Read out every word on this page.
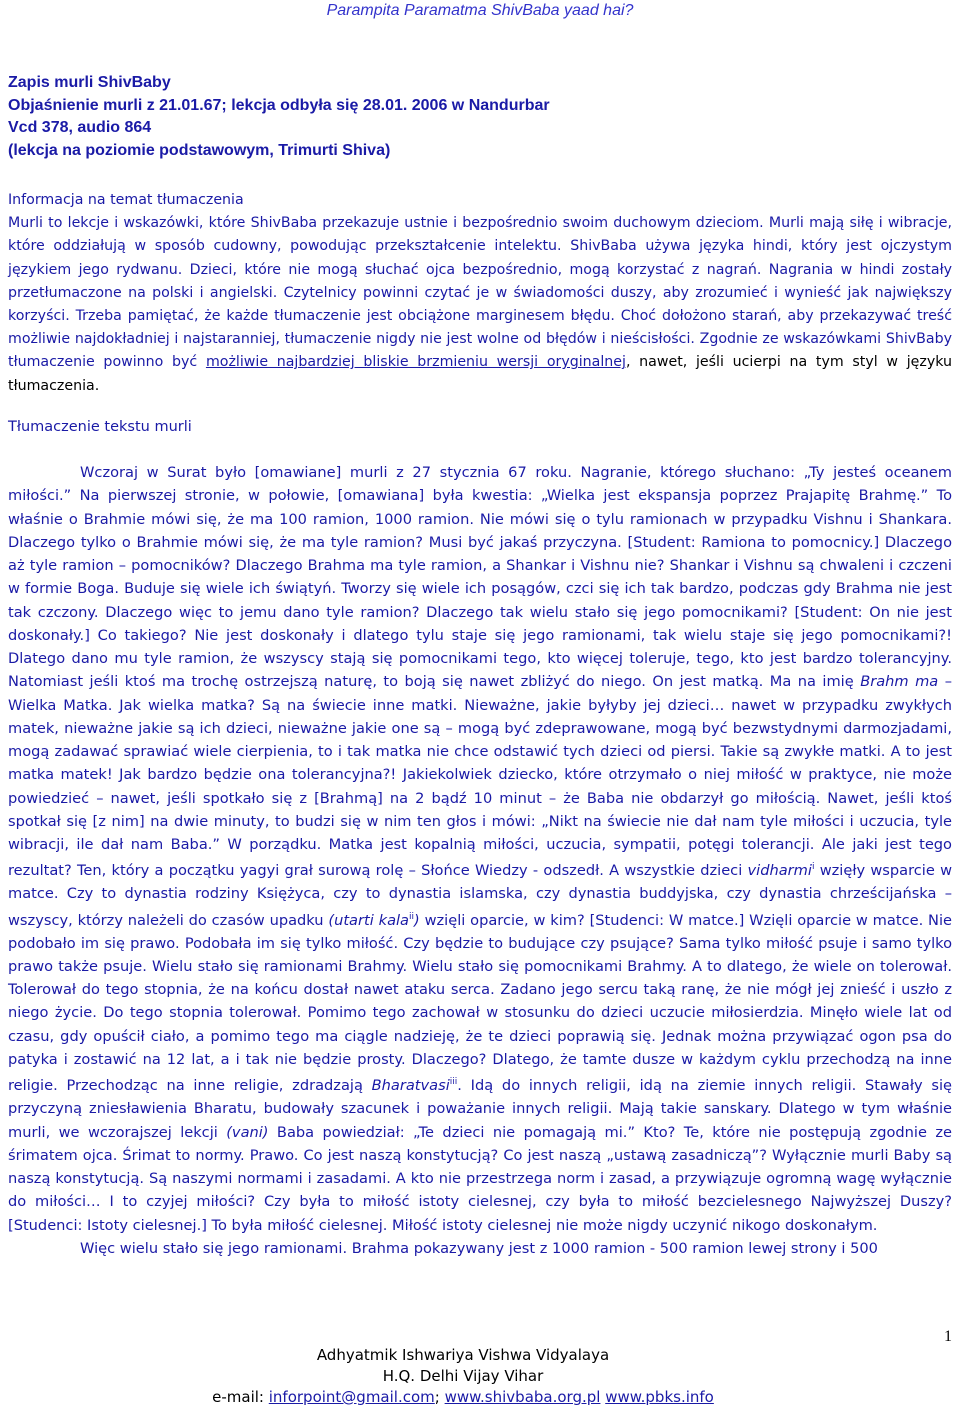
Parampita Paramatma ShivBaba yaad hai?
Zapis murli ShivBaby
Objaśnienie murli z 21.01.67; lekcja odbyła się 28.01. 2006 w Nandurbar
Vcd 378, audio 864
(lekcja na poziomie podstawowym, Trimurti Shiva)
Informacja na temat tłumaczenia

Murli to lekcje i wskazówki, które ShivBaba przekazuje ustnie i bezpośrednio swoim duchowym dzieciom. Murli mają siłę i wibracje, które oddziałują w sposób cudowny, powodując przekształcenie intelektu. ShivBaba używa języka hindi, który jest ojczystym językiem jego rydwanu. Dzieci, które nie mogą słuchać ojca bezpośrednio, mogą korzystać z nagrań. Nagrania w hindi zostały przetłumaczone na polski i angielski. Czytelnicy powinni czytać je w świadomości duszy, aby zrozumieć i wynieść jak największy korzyści. Trzeba pamiętać, że każde tłumaczenie jest obciążone marginesem błędu. Choć dołożono starań, aby przekazywać treść możliwie najdokładniej i najstaranniej, tłumaczenie nigdy nie jest wolne od błędów i nieścisłości. Zgodnie ze wskazówkami ShivBaby tłumaczenie powinno być możliwie najbardziej bliskie brzmieniu wersji oryginalnej, nawet, jeśli ucierpi na tym styl w języku tłumaczenia.

Tłumaczenie tekstu murli

Wczoraj w Surat było [omawiane] murli z 27 stycznia 67 roku. Nagranie, którego słuchano: „Ty jesteś oceanem miłości.” Na pierwszej stronie, w połowie, [omawiana] była kwestia: „Wielka jest ekspansja poprzez Prajapitę Brahmę.” To właśnie o Brahmie mówi się, że ma 100 ramion, 1000 ramion. Nie mówi się o tylu ramionach w przypadku Vishnu i Shankara. Dlaczego tylko o Brahmie mówi się, że ma tyle ramion? Musi być jakaś przyczyna. [Student: Ramiona to pomocnicy.] Dlaczego aż tyle ramion – pomocników? Dlaczego Brahma ma tyle ramion, a Shankar i Vishnu nie? Shankar i Vishnu są chwaleni i czczeni w formie Boga. Buduje się wiele ich świątyń. Tworzy się wiele ich posągów, czci się ich tak bardzo, podczas gdy Brahma nie jest tak czczony. Dlaczego więc to jemu dano tyle ramion? Dlaczego tak wielu stało się jego pomocnikami? [Student: On nie jest doskonały.] Co takiego? Nie jest doskonały i dlatego tylu staje się jego ramionami, tak wielu staje się jego pomocnikami?! Dlatego dano mu tyle ramion, że wszyscy stają się pomocnikami tego, kto więcej toleruje, tego, kto jest bardzo tolerancyjny. Natomiast jeśli ktoś ma trochę ostrzejszą naturę, to boją się nawet zbliżyć do niego. On jest matką. Ma na imię Brahm ma – Wielka Matka. Jak wielka matka? Są na świecie inne matki. Nieważne, jakie byłyby jej dzieci… nawet w przypadku zwykłych matek, nieważne jakie są ich dzieci, nieważne jakie one są – mogą być zdeprawowane, mogą być bezwstydnymi darmozjadami, mogą zadawać sprawiać wiele cierpienia, to i tak matka nie chce odstawić tych dzieci od piersi. Takie są zwykłe matki. A to jest matka matek! Jak bardzo będzie ona tolerancyjna?! Jakiekolwiek dziecko, które otrzymało o niej miłość w praktyce, nie może powiedzieć – nawet, jeśli spotkało się z [Brahmą] na 2 bądź 10 minut – że Baba nie obdarzył go miłością. Nawet, jeśli ktoś spotkał się [z nim] na dwie minuty, to budzi się w nim ten głos i mówi: „Nikt na świecie nie dał nam tyle miłości i uczucia, tyle wibracji, ile dał nam Baba.” W porządku. Matka jest kopalnią miłości, uczucia, sympatii, potęgi tolerancji. Ale jaki jest tego rezultat? Ten, który a początku yagyi grał surową rolę – Słońce Wiedzy - odszedł. A wszystkie dzieci vidharmi$^i$ wzięły wsparcie w matce. Czy to dynastia rodziny Księżyca, czy to dynastia islamska, czy dynastia buddyjska, czy dynastia chrześcijańska – wszyscy, którzy należeli do czasów upadku (utarti kala$^{ii}$) wzięli oparcie, w kim? [Studenci: W matce.] Wzięli oparcie w matce. Nie podobało im się prawo. Podobała im się tylko miłość. Czy będzie to budujące czy psujące? Sama tylko miłość psuje i samo tylko prawo także psuje. Wielu stało się ramionami Brahmy. Wielu stało się pomocnikami Brahmy. A to dlatego, że wiele on tolerował. Tolerował do tego stopnia, że na końcu dostał nawet ataku serca. Zadano jego sercu taką ranę, że nie mógł jej znieść i uszło z niego życie. Do tego stopnia tolerował. Pomimo tego zachował w stosunku do dzieci uczucie miłosierdzia. Minęło wiele lat od czasu, gdy opuścił ciało, a pomimo tego ma ciągle nadzieję, że te dzieci poprawią się. Jednak można przywiązać ogon psa do patyka i zostawić na 12 lat, a i tak nie będzie prosty. Dlaczego? Dlatego, że tamte dusze w każdym cyklu przechodzą na inne religie. Przechodząc na inne religie, zdradzają Bharatvasi$^{iii}$. Idą do innych religii, idą na ziemie innych religii. Stawały się przyczyną zniesławienia Bharatu, budowały szacunek i poważanie innych religii. Mają takie sanskary. Dlatego w tym właśnie murli, we wczorajszej lekcji (vani) Baba powiedział: „Te dzieci nie pomagają mi.” Kto? Te, które nie postępują zgodnie ze śrimatem ojca. Śrimat to normy. Prawo. Co jest naszą konstytucją? Co jest naszą „ustawą zasadniczą”? Wyłącznie murli Baby są naszą konstytucją. Są naszymi normami i zasadami. A kto nie przestrzega norm i zasad, a przywiązuje ogromną wagę wyłącznie do miłości… I to czyjej miłości? Czy była to miłość istoty cielesnej, czy była to miłość bezcielesnego Najwyższej Duszy? [Studenci: Istoty cielesnej.] To była miłość cielesnej. Miłość istoty cielesnej nie może nigdy uczynić nikogo doskonałym.

Więc wielu stało się jego ramionami. Brahma pokazywany jest z 1000 ramion - 500 ramion lewej strony i 500

1
Adhyatmik Ishwariya Vishwa Vidyalaya
H.Q. Delhi Vijay Vihar
e-mail: inforpoint@gmail.com; www.shivbaba.org.pl www.pbks.info
